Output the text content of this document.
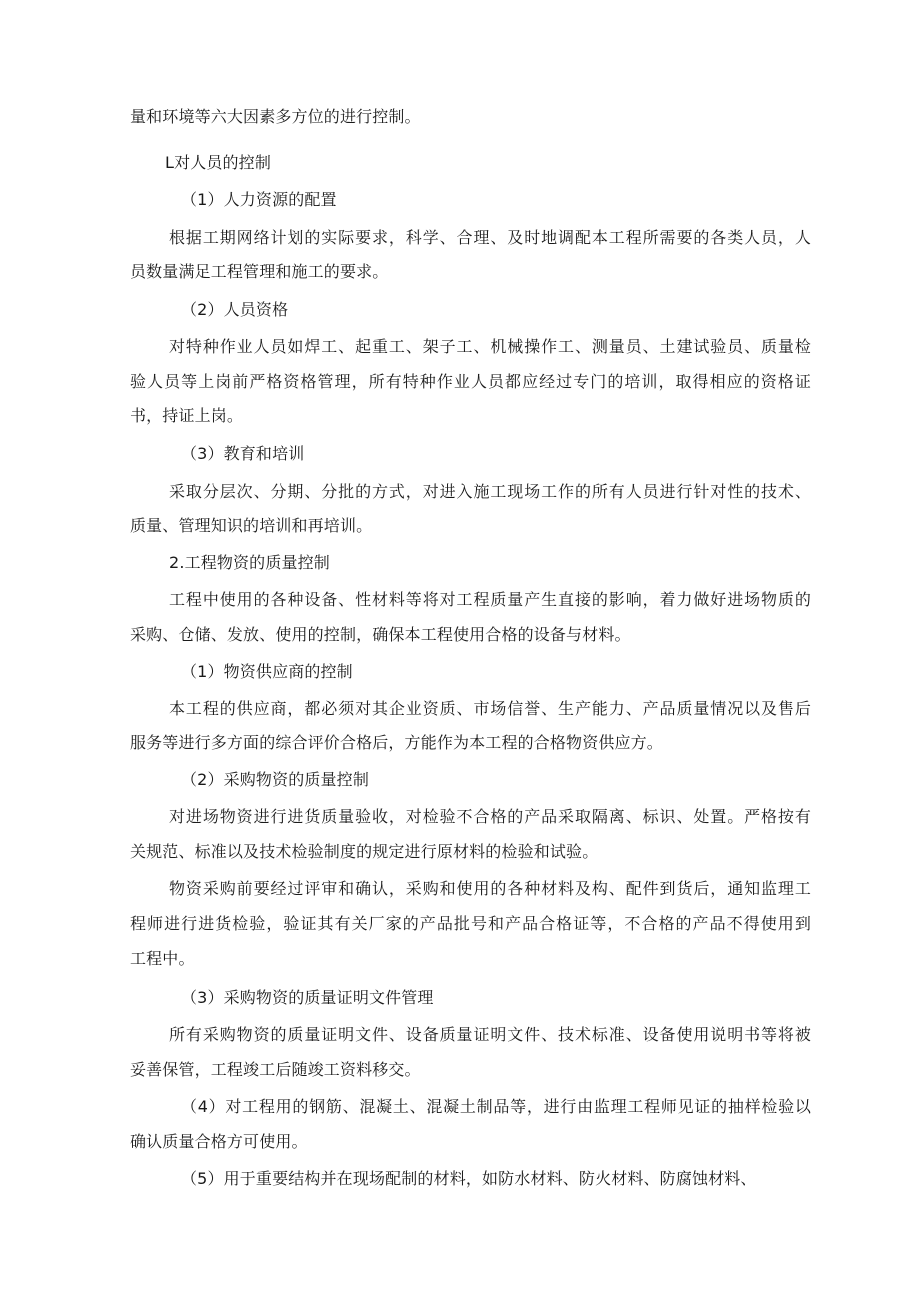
量和环境等六大因素多方位的进行控制。

L对人员的控制

（1）人力资源的配置

根据工期网络计划的实际要求，科学、合理、及时地调配本工程所需要的各类人员，人

员数量满足工程管理和施工的要求。

（2）人员资格

对特种作业人员如焊工、起重工、架子工、机械操作工、测量员、土建试验员、质量检

验人员等上岗前严格资格管理，所有特种作业人员都应经过专门的培训，取得相应的资格证

书，持证上岗。

（3）教育和培训

采取分层次、分期、分批的方式，对进入施工现场工作的所有人员进行针对性的技术、

质量、管理知识的培训和再培训。

2.工程物资的质量控制

工程中使用的各种设备、性材料等将对工程质量产生直接的影响，着力做好进场物质的

采购、仓储、发放、使用的控制，确保本工程使用合格的设备与材料。

（1）物资供应商的控制

本工程的供应商，都必须对其企业资质、市场信誉、生产能力、产品质量情况以及售后

服务等进行多方面的综合评价合格后，方能作为本工程的合格物资供应方。

（2）采购物资的质量控制

对进场物资进行进货质量验收，对检验不合格的产品采取隔离、标识、处置。严格按有

关规范、标准以及技术检验制度的规定进行原材料的检验和试验。

物资采购前要经过评审和确认，采购和使用的各种材料及构、配件到货后，通知监理工

程师进行进货检验，验证其有关厂家的产品批号和产品合格证等，不合格的产品不得使用到

工程中。

（3）采购物资的质量证明文件管理

所有采购物资的质量证明文件、设备质量证明文件、技术标准、设备使用说明书等将被

妥善保管，工程竣工后随竣工资料移交。

（4）对工程用的钢筋、混凝土、混凝土制品等，进行由监理工程师见证的抽样检验以

确认质量合格方可使用。

（5）用于重要结构并在现场配制的材料，如防水材料、防火材料、防腐蚀材料、
